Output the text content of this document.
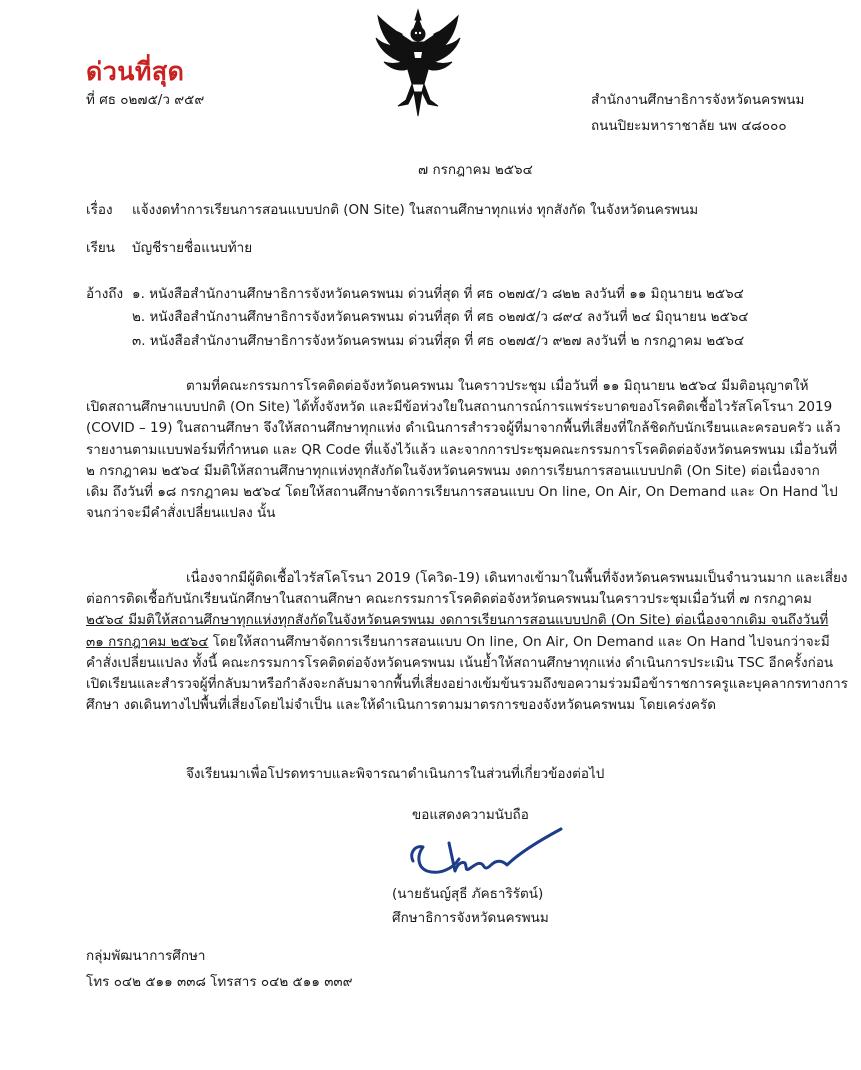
ด่วนที่สุด
ที่ ศธ ๐๒๗๕/ว ๙๕๙	สำนักงานศึกษาธิการจังหวัดนครพนม
ถนนปิยะมหาราชาลัย นพ ๔๘๐๐๐
๗ กรกฎาคม ๒๕๖๔
เรื่อง แจ้งงดทำการเรียนการสอนแบบปกติ (ON Site) ในสถานศึกษาทุกแห่ง ทุกสังกัด ในจังหวัดนครพนม
เรียน บัญชีรายชื่อแนบท้าย
อ้างถึง ๑. หนังสือสำนักงานศึกษาธิการจังหวัดนครพนม ด่วนที่สุด ที่ ศธ ๐๒๗๕/ว ๘๒๒ ลงวันที่ ๑๑ มิถุนายน ๒๕๖๔
๒. หนังสือสำนักงานศึกษาธิการจังหวัดนครพนม ด่วนที่สุด ที่ ศธ ๐๒๗๕/ว ๘๙๔ ลงวันที่ ๒๔ มิถุนายน ๒๕๖๔
๓. หนังสือสำนักงานศึกษาธิการจังหวัดนครพนม ด่วนที่สุด ที่ ศธ ๐๒๗๕/ว ๙๒๗ ลงวันที่ ๒ กรกฎาคม ๒๕๖๔
ตามที่คณะกรรมการโรคติดต่อจังหวัดนครพนม ในคราวประชุม เมื่อวันที่ ๑๑ มิถุนายน ๒๕๖๔ มีมติอนุญาตให้
เปิดสถานศึกษาแบบปกติ (On Site) ได้ทั้งจังหวัด และมีข้อห่วงใยในสถานการณ์การแพร่ระบาดของโรคติดเชื้อไวรัสโคโรนา 2019
(COVID – 19) ในสถานศึกษา จึงให้สถานศึกษาทุกแห่ง ดำเนินการสำรวจผู้ที่มาจากพื้นที่เสี่ยงที่ใกล้ชิดกับนักเรียนและครอบครัว แล้ว
รายงานตามแบบฟอร์มที่กำหนด และ QR Code ที่แจ้งไว้แล้ว และจากการประชุมคณะกรรมการโรคติดต่อจังหวัดนครพนม เมื่อวันที่
๒ กรกฎาคม ๒๕๖๔ มีมติให้สถานศึกษาทุกแห่งทุกสังกัดในจังหวัดนครพนม งดการเรียนการสอนแบบปกติ (On Site) ต่อเนื่องจาก
เดิม ถึงวันที่ ๑๘ กรกฎาคม ๒๕๖๔ โดยให้สถานศึกษาจัดการเรียนการสอนแบบ On line, On Air, On Demand และ On Hand ไป
จนกว่าจะมีคำสั่งเปลี่ยนแปลง นั้น
เนื่องจากมีผู้ติดเชื้อไวรัสโคโรนา 2019 (โควิด-19) เดินทางเข้ามาในพื้นที่จังหวัดนครพนมเป็นจำนวนมาก และเสี่ยง
ต่อการติดเชื้อกับนักเรียนนักศึกษาในสถานศึกษา คณะกรรมการโรคติดต่อจังหวัดนครพนมในคราวประชุมเมื่อวันที่ ๗ กรกฎาคม
๒๕๖๔ มีมติให้สถานศึกษาทุกแห่งทุกสังกัดในจังหวัดนครพนม งดการเรียนการสอนแบบปกติ (On Site) ต่อเนื่องจากเดิม จนถึงวันที่
๓๑ กรกฎาคม ๒๕๖๔ โดยให้สถานศึกษาจัดการเรียนการสอนแบบ On line, On Air, On Demand และ On Hand ไปจนกว่าจะมี
คำสั่งเปลี่ยนแปลง ทั้งนี้ คณะกรรมการโรคติดต่อจังหวัดนครพนม เน้นย้ำให้สถานศึกษาทุกแห่ง ดำเนินการประเมิน TSC อีกครั้งก่อน
เปิดเรียนและสำรวจผู้ที่กลับมาหรือกำลังจะกลับมาจากพื้นที่เสี่ยงอย่างเข้มข้นรวมถึงขอความร่วมมือข้าราชการครูและบุคลากรทางการ
ศึกษา งดเดินทางไปพื้นที่เสี่ยงโดยไม่จำเป็น และให้ดำเนินการตามมาตรการของจังหวัดนครพนม โดยเคร่งครัด
จึงเรียนมาเพื่อโปรดทราบและพิจารณาดำเนินการในส่วนที่เกี่ยวข้องต่อไป
ขอแสดงความนับถือ
(นายธันญ์สุธี ภัคธาริรัตน์)
ศึกษาธิการจังหวัดนครพนม
กลุ่มพัฒนาการศึกษา
โทร ๐๔๒ ๕๑๑ ๓๓๘ โทรสาร ๐๔๒ ๕๑๑ ๓๓๙
